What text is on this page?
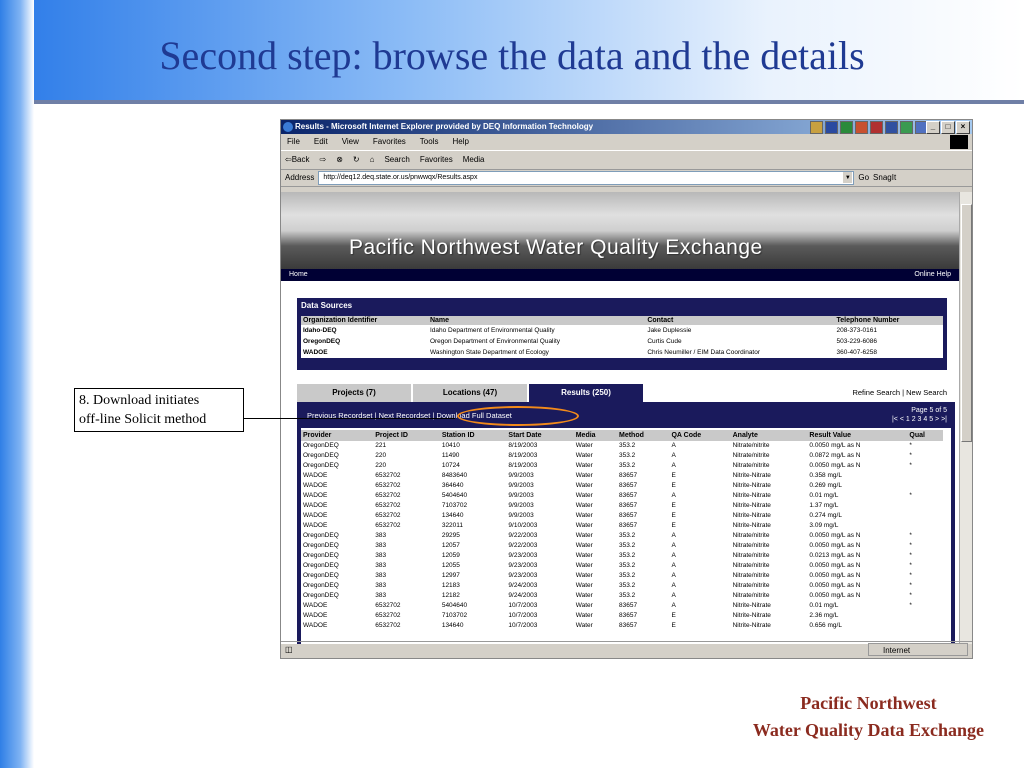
Second step: browse the data and the details
8. Download initiates
off-line Solicit method
Results - Microsoft Internet Explorer provided by DEQ Information Technology	_	□	×
File Edit View Favorites Tools Help
⇦Back ⇨ ⊗ ↻ ⌂ Search Favorites Media
Address	http://deq12.deq.state.or.us/pnwwqx/Results.aspx	▼ Go SnagIt
Pacific Northwest Water Quality Exchange
Home	Online Help
Data Sources
Organization Identifier	Name	Contact	Telephone Number
Idaho-DEQ	Idaho Department of Environmental Quality	Jake Duplessie	208-373-0161
OregonDEQ	Oregon Department of Environmental Quality	Curtis Cude	503-229-6086
WADOE	Washington State Department of Ecology	Chris Neumiller / EIM Data Coordinator	360-407-6258
Projects (7)	Locations (47)	Results (250)	Refine Search | New Search
Previous Recordset | Next Recordset | Download Full Dataset
Page 5 of 5
|< < 1 2 3 4 5 > >|
Provider	Project ID	Station ID	Start Date	Media	Method	QA Code	Analyte	Result Value	Qual
OregonDEQ	221	10410	8/19/2003	Water	353.2	A	Nitrate/nitrite	0.0050 mg/L as N	*
OregonDEQ	220	11490	8/19/2003	Water	353.2	A	Nitrate/nitrite	0.0872 mg/L as N	*
OregonDEQ	220	10724	8/19/2003	Water	353.2	A	Nitrate/nitrite	0.0050 mg/L as N	*
WADOE	6532702	8483640	9/9/2003	Water	83657	E	Nitrite-Nitrate	0.358 mg/L	
WADOE	6532702	364640	9/9/2003	Water	83657	E	Nitrite-Nitrate	0.269 mg/L	
WADOE	6532702	5404640	9/9/2003	Water	83657	A	Nitrite-Nitrate	0.01 mg/L	*
WADOE	6532702	7103702	9/9/2003	Water	83657	E	Nitrite-Nitrate	1.37 mg/L	
WADOE	6532702	134640	9/9/2003	Water	83657	E	Nitrite-Nitrate	0.274 mg/L	
WADOE	6532702	322011	9/10/2003	Water	83657	E	Nitrite-Nitrate	3.09 mg/L	
OregonDEQ	383	29295	9/22/2003	Water	353.2	A	Nitrate/nitrite	0.0050 mg/L as N	*
OregonDEQ	383	12057	9/22/2003	Water	353.2	A	Nitrate/nitrite	0.0050 mg/L as N	*
OregonDEQ	383	12059	9/23/2003	Water	353.2	A	Nitrate/nitrite	0.0213 mg/L as N	*
OregonDEQ	383	12055	9/23/2003	Water	353.2	A	Nitrate/nitrite	0.0050 mg/L as N	*
OregonDEQ	383	12997	9/23/2003	Water	353.2	A	Nitrate/nitrite	0.0050 mg/L as N	*
OregonDEQ	383	12183	9/24/2003	Water	353.2	A	Nitrate/nitrite	0.0050 mg/L as N	*
OregonDEQ	383	12182	9/24/2003	Water	353.2	A	Nitrate/nitrite	0.0050 mg/L as N	*
WADOE	6532702	5404640	10/7/2003	Water	83657	A	Nitrite-Nitrate	0.01 mg/L	*
WADOE	6532702	7103702	10/7/2003	Water	83657	E	Nitrite-Nitrate	2.36 mg/L	
WADOE	6532702	134640	10/7/2003	Water	83657	E	Nitrite-Nitrate	0.656 mg/L	
◫	Internet
Pacific Northwest
Water Quality Data Exchange
